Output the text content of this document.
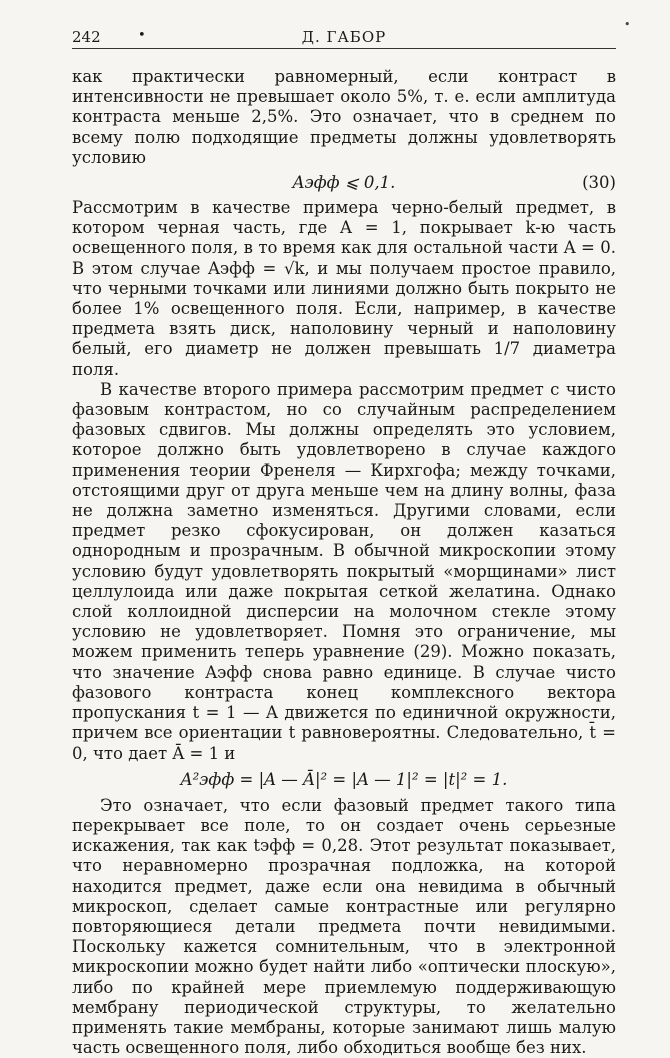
•
242	•	Д. ГАБОР

как практически равномерный, если контраст в интенсивности не превышает около 5%, т. е. если амплитуда контраста меньше 2,5%. Это означает, что в среднем по всему полю подходящие предметы должны удовлетворять условию

Aэфф ⩽ 0,1.	(30)

Рассмотрим в качестве примера черно-белый предмет, в котором черная часть, где A = 1, покрывает k-ю часть освещенного поля, в то время как для остальной части A = 0. В этом случае Aэфф = √k, и мы получаем простое правило, что черными точками или линиями должно быть покрыто не более 1% освещенного поля. Если, например, в качестве предмета взять диск, наполовину черный и наполовину белый, его диаметр не должен превышать 1/7 диаметра поля.

В качестве второго примера рассмотрим предмет с чисто фазовым контрастом, но со случайным распределением фазовых сдвигов. Мы должны определять это условием, которое должно быть удовлетворено в случае каждого применения теории Френеля — Кирхгофа; между точками, отстоящими друг от друга меньше чем на длину волны, фаза не должна заметно изменяться. Другими словами, если предмет резко сфокусирован, он должен казаться однородным и прозрачным. В обычной микроскопии этому условию будут удовлетворять покрытый «морщинами» лист целлулоида или даже покрытая сеткой желатина. Однако слой коллоидной дисперсии на молочном стекле этому условию не удовлетворяет. Помня это ограничение, мы можем применить теперь уравнение (29). Можно показать, что значение Aэфф снова равно единице. В случае чисто фазового контраста конец комплексного вектора пропускания t = 1 — A движется по единичной окружности, причем все ориентации t равновероятны. Следовательно, t̄ = 0, что дает Ā = 1 и

A²эфф = |A — Ā|² = |A — 1|² = |t|² = 1.

Это означает, что если фазовый предмет такого типа перекрывает все поле, то он создает очень серьезные искажения, так как tэфф = 0,28. Этот результат показывает, что неравномерно прозрачная подложка, на которой находится предмет, даже если она невидима в обычный микроскоп, сделает самые контрастные или регулярно повторяющиеся детали предмета почти невидимыми. Поскольку кажется сомнительным, что в электронной микроскопии можно будет найти либо «оптически плоскую», либо по крайней мере приемлемую поддерживающую мембрану периодической структуры, то желательно применять такие мембраны, которые занимают лишь малую часть освещенного поля, либо обходиться вообще без них.
